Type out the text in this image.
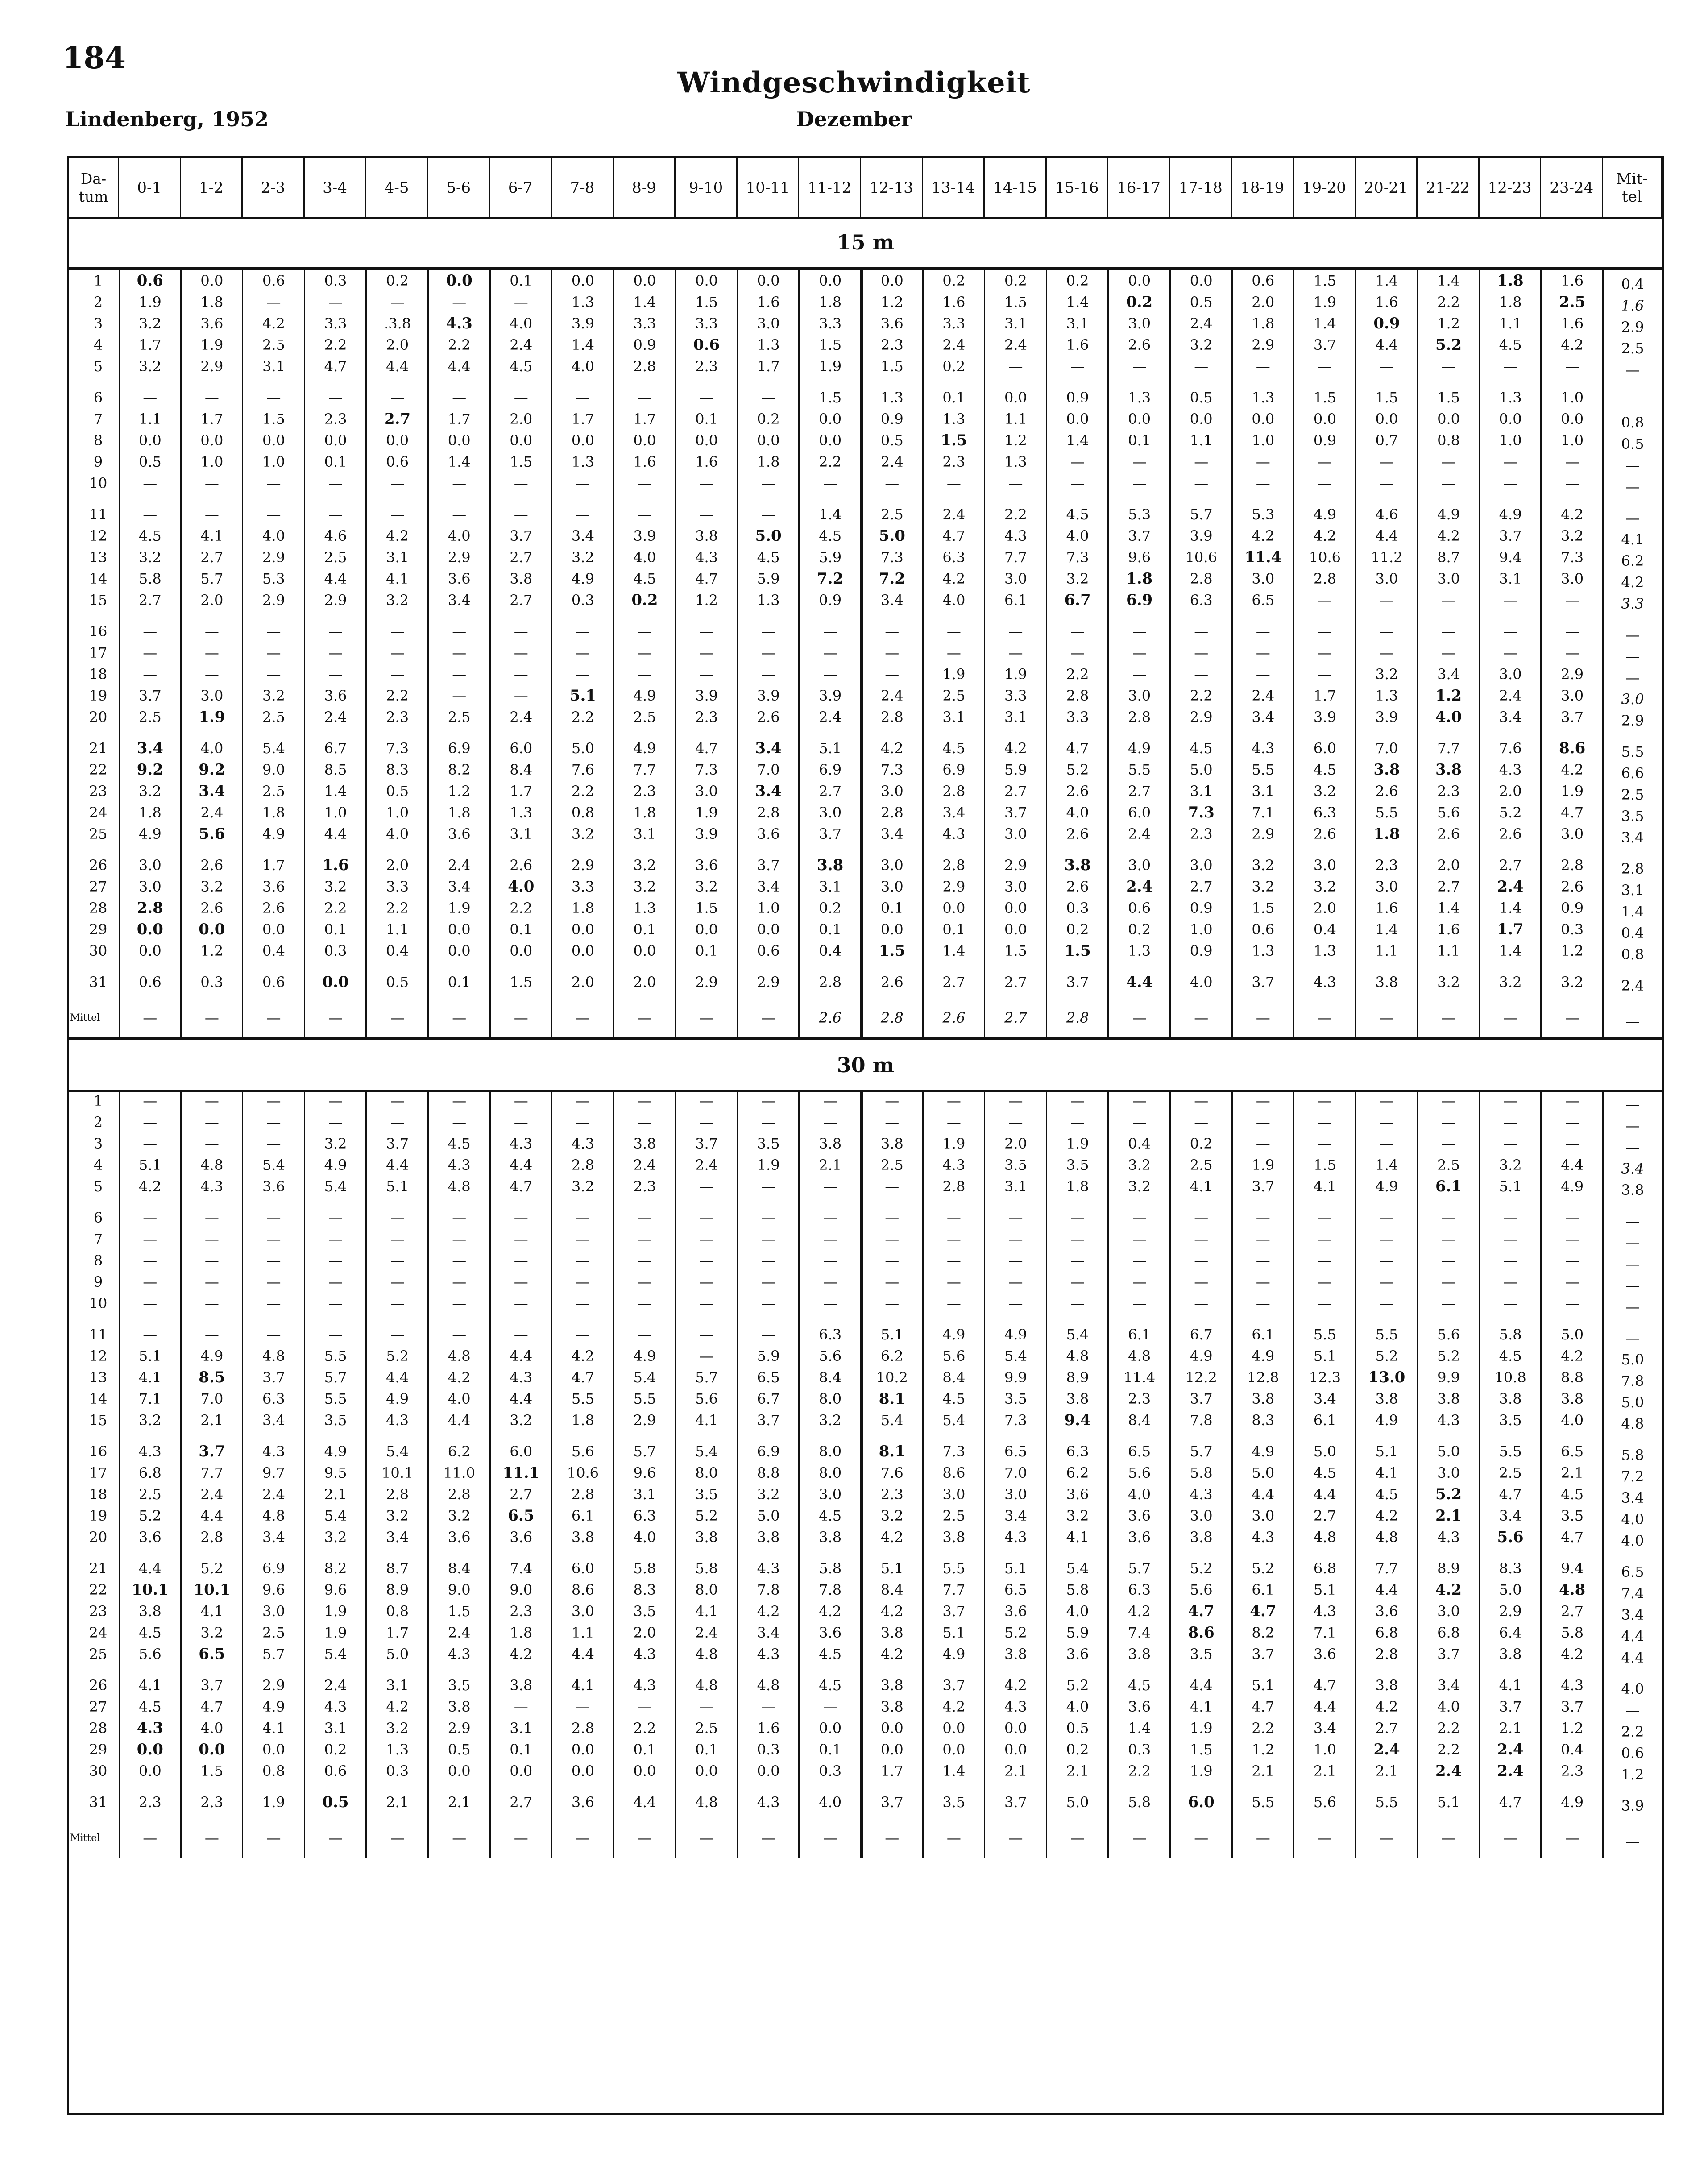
184
Windgeschwindigkeit
Lindenberg, 1952	Dezember
Da-
tum	0-1	1-2	2-3	3-4	4-5	5-6	6-7	7-8	8-9	9-10	10-11	11-12	12-13	13-14	14-15	15-16	16-17	17-18	18-19	19-20	20-21	21-22	12-23	23-24	Mit-
tel
15 m
1	0.6	0.0	0.6	0.3	0.2	0.0	0.1	0.0	0.0	0.0	0.0	0.0	0.0	0.2	0.2	0.2	0.0	0.0	0.6	1.5	1.4	1.4	1.8	1.6	0.4
2	1.9	1.8	—	—	—	—	—	1.3	1.4	1.5	1.6	1.8	1.2	1.6	1.5	1.4	0.2	0.5	2.0	1.9	1.6	2.2	1.8	2.5	1.6
3	3.2	3.6	4.2	3.3	.3.8	4.3	4.0	3.9	3.3	3.3	3.0	3.3	3.6	3.3	3.1	3.1	3.0	2.4	1.8	1.4	0.9	1.2	1.1	1.6	2.9
4	1.7	1.9	2.5	2.2	2.0	2.2	2.4	1.4	0.9	0.6	1.3	1.5	2.3	2.4	2.4	1.6	2.6	3.2	2.9	3.7	4.4	5.2	4.5	4.2	2.5
5	3.2	2.9	3.1	4.7	4.4	4.4	4.5	4.0	2.8	2.3	1.7	1.9	1.5	0.2	—	—	—	—	—	—	—	—	—	—	—
6	—	—	—	—	—	—	—	—	—	—	—	1.5	1.3	0.1	0.0	0.9	1.3	0.5	1.3	1.5	1.5	1.5	1.3	1.0
7	1.1	1.7	1.5	2.3	2.7	1.7	2.0	1.7	1.7	0.1	0.2	0.0	0.9	1.3	1.1	0.0	0.0	0.0	0.0	0.0	0.0	0.0	0.0	0.0	0.8
8	0.0	0.0	0.0	0.0	0.0	0.0	0.0	0.0	0.0	0.0	0.0	0.0	0.5	1.5	1.2	1.4	0.1	1.1	1.0	0.9	0.7	0.8	1.0	1.0	0.5
9	0.5	1.0	1.0	0.1	0.6	1.4	1.5	1.3	1.6	1.6	1.8	2.2	2.4	2.3	1.3	—	—	—	—	—	—	—	—	—	—
10	—	—	—	—	—	—	—	—	—	—	—	—	—	—	—	—	—	—	—	—	—	—	—	—	—
11	—	—	—	—	—	—	—	—	—	—	—	1.4	2.5	2.4	2.2	4.5	5.3	5.7	5.3	4.9	4.6	4.9	4.9	4.2	—
12	4.5	4.1	4.0	4.6	4.2	4.0	3.7	3.4	3.9	3.8	5.0	4.5	5.0	4.7	4.3	4.0	3.7	3.9	4.2	4.2	4.4	4.2	3.7	3.2	4.1
13	3.2	2.7	2.9	2.5	3.1	2.9	2.7	3.2	4.0	4.3	4.5	5.9	7.3	6.3	7.7	7.3	9.6	10.6	11.4	10.6	11.2	8.7	9.4	7.3	6.2
14	5.8	5.7	5.3	4.4	4.1	3.6	3.8	4.9	4.5	4.7	5.9	7.2	7.2	4.2	3.0	3.2	1.8	2.8	3.0	2.8	3.0	3.0	3.1	3.0	4.2
15	2.7	2.0	2.9	2.9	3.2	3.4	2.7	0.3	0.2	1.2	1.3	0.9	3.4	4.0	6.1	6.7	6.9	6.3	6.5	—	—	—	—	—	3.3
16	—	—	—	—	—	—	—	—	—	—	—	—	—	—	—	—	—	—	—	—	—	—	—	—	—
17	—	—	—	—	—	—	—	—	—	—	—	—	—	—	—	—	—	—	—	—	—	—	—	—	—
18	—	—	—	—	—	—	—	—	—	—	—	—	—	1.9	1.9	2.2	—	—	—	—	3.2	3.4	3.0	2.9	—
19	3.7	3.0	3.2	3.6	2.2	—	—	5.1	4.9	3.9	3.9	3.9	2.4	2.5	3.3	2.8	3.0	2.2	2.4	1.7	1.3	1.2	2.4	3.0	3.0
20	2.5	1.9	2.5	2.4	2.3	2.5	2.4	2.2	2.5	2.3	2.6	2.4	2.8	3.1	3.1	3.3	2.8	2.9	3.4	3.9	3.9	4.0	3.4	3.7	2.9
21	3.4	4.0	5.4	6.7	7.3	6.9	6.0	5.0	4.9	4.7	3.4	5.1	4.2	4.5	4.2	4.7	4.9	4.5	4.3	6.0	7.0	7.7	7.6	8.6	5.5
22	9.2	9.2	9.0	8.5	8.3	8.2	8.4	7.6	7.7	7.3	7.0	6.9	7.3	6.9	5.9	5.2	5.5	5.0	5.5	4.5	3.8	3.8	4.3	4.2	6.6
23	3.2	3.4	2.5	1.4	0.5	1.2	1.7	2.2	2.3	3.0	3.4	2.7	3.0	2.8	2.7	2.6	2.7	3.1	3.1	3.2	2.6	2.3	2.0	1.9	2.5
24	1.8	2.4	1.8	1.0	1.0	1.8	1.3	0.8	1.8	1.9	2.8	3.0	2.8	3.4	3.7	4.0	6.0	7.3	7.1	6.3	5.5	5.6	5.2	4.7	3.5
25	4.9	5.6	4.9	4.4	4.0	3.6	3.1	3.2	3.1	3.9	3.6	3.7	3.4	4.3	3.0	2.6	2.4	2.3	2.9	2.6	1.8	2.6	2.6	3.0	3.4
26	3.0	2.6	1.7	1.6	2.0	2.4	2.6	2.9	3.2	3.6	3.7	3.8	3.0	2.8	2.9	3.8	3.0	3.0	3.2	3.0	2.3	2.0	2.7	2.8	2.8
27	3.0	3.2	3.6	3.2	3.3	3.4	4.0	3.3	3.2	3.2	3.4	3.1	3.0	2.9	3.0	2.6	2.4	2.7	3.2	3.2	3.0	2.7	2.4	2.6	3.1
28	2.8	2.6	2.6	2.2	2.2	1.9	2.2	1.8	1.3	1.5	1.0	0.2	0.1	0.0	0.0	0.3	0.6	0.9	1.5	2.0	1.6	1.4	1.4	0.9	1.4
29	0.0	0.0	0.0	0.1	1.1	0.0	0.1	0.0	0.1	0.0	0.0	0.1	0.0	0.1	0.0	0.2	0.2	1.0	0.6	0.4	1.4	1.6	1.7	0.3	0.4
30	0.0	1.2	0.4	0.3	0.4	0.0	0.0	0.0	0.0	0.1	0.6	0.4	1.5	1.4	1.5	1.5	1.3	0.9	1.3	1.3	1.1	1.1	1.4	1.2	0.8
31	0.6	0.3	0.6	0.0	0.5	0.1	1.5	2.0	2.0	2.9	2.9	2.8	2.6	2.7	2.7	3.7	4.4	4.0	3.7	4.3	3.8	3.2	3.2	3.2	2.4
Mittel	—	—	—	—	—	—	—	—	—	—	—	2.6	2.8	2.6	2.7	2.8	—	—	—	—	—	—	—	—	—
30 m
1	—	—	—	—	—	—	—	—	—	—	—	—	—	—	—	—	—	—	—	—	—	—	—	—	—
2	—	—	—	—	—	—	—	—	—	—	—	—	—	—	—	—	—	—	—	—	—	—	—	—	—
3	—	—	—	3.2	3.7	4.5	4.3	4.3	3.8	3.7	3.5	3.8	3.8	1.9	2.0	1.9	0.4	0.2	—	—	—	—	—	—	—
4	5.1	4.8	5.4	4.9	4.4	4.3	4.4	2.8	2.4	2.4	1.9	2.1	2.5	4.3	3.5	3.5	3.2	2.5	1.9	1.5	1.4	2.5	3.2	4.4	3.4
5	4.2	4.3	3.6	5.4	5.1	4.8	4.7	3.2	2.3	—	—	—	—	2.8	3.1	1.8	3.2	4.1	3.7	4.1	4.9	6.1	5.1	4.9	3.8
6	—	—	—	—	—	—	—	—	—	—	—	—	—	—	—	—	—	—	—	—	—	—	—	—	—
7	—	—	—	—	—	—	—	—	—	—	—	—	—	—	—	—	—	—	—	—	—	—	—	—	—
8	—	—	—	—	—	—	—	—	—	—	—	—	—	—	—	—	—	—	—	—	—	—	—	—	—
9	—	—	—	—	—	—	—	—	—	—	—	—	—	—	—	—	—	—	—	—	—	—	—	—	—
10	—	—	—	—	—	—	—	—	—	—	—	—	—	—	—	—	—	—	—	—	—	—	—	—	—
11	—	—	—	—	—	—	—	—	—	—	—	6.3	5.1	4.9	4.9	5.4	6.1	6.7	6.1	5.5	5.5	5.6	5.8	5.0	—
12	5.1	4.9	4.8	5.5	5.2	4.8	4.4	4.2	4.9	—	5.9	5.6	6.2	5.6	5.4	4.8	4.8	4.9	4.9	5.1	5.2	5.2	4.5	4.2	5.0
13	4.1	8.5	3.7	5.7	4.4	4.2	4.3	4.7	5.4	5.7	6.5	8.4	10.2	8.4	9.9	8.9	11.4	12.2	12.8	12.3	13.0	9.9	10.8	8.8	7.8
14	7.1	7.0	6.3	5.5	4.9	4.0	4.4	5.5	5.5	5.6	6.7	8.0	8.1	4.5	3.5	3.8	2.3	3.7	3.8	3.4	3.8	3.8	3.8	3.8	5.0
15	3.2	2.1	3.4	3.5	4.3	4.4	3.2	1.8	2.9	4.1	3.7	3.2	5.4	5.4	7.3	9.4	8.4	7.8	8.3	6.1	4.9	4.3	3.5	4.0	4.8
16	4.3	3.7	4.3	4.9	5.4	6.2	6.0	5.6	5.7	5.4	6.9	8.0	8.1	7.3	6.5	6.3	6.5	5.7	4.9	5.0	5.1	5.0	5.5	6.5	5.8
17	6.8	7.7	9.7	9.5	10.1	11.0	11.1	10.6	9.6	8.0	8.8	8.0	7.6	8.6	7.0	6.2	5.6	5.8	5.0	4.5	4.1	3.0	2.5	2.1	7.2
18	2.5	2.4	2.4	2.1	2.8	2.8	2.7	2.8	3.1	3.5	3.2	3.0	2.3	3.0	3.0	3.6	4.0	4.3	4.4	4.4	4.5	5.2	4.7	4.5	3.4
19	5.2	4.4	4.8	5.4	3.2	3.2	6.5	6.1	6.3	5.2	5.0	4.5	3.2	2.5	3.4	3.2	3.6	3.0	3.0	2.7	4.2	2.1	3.4	3.5	4.0
20	3.6	2.8	3.4	3.2	3.4	3.6	3.6	3.8	4.0	3.8	3.8	3.8	4.2	3.8	4.3	4.1	3.6	3.8	4.3	4.8	4.8	4.3	5.6	4.7	4.0
21	4.4	5.2	6.9	8.2	8.7	8.4	7.4	6.0	5.8	5.8	4.3	5.8	5.1	5.5	5.1	5.4	5.7	5.2	5.2	6.8	7.7	8.9	8.3	9.4	6.5
22	10.1	10.1	9.6	9.6	8.9	9.0	9.0	8.6	8.3	8.0	7.8	7.8	8.4	7.7	6.5	5.8	6.3	5.6	6.1	5.1	4.4	4.2	5.0	4.8	7.4
23	3.8	4.1	3.0	1.9	0.8	1.5	2.3	3.0	3.5	4.1	4.2	4.2	4.2	3.7	3.6	4.0	4.2	4.7	4.7	4.3	3.6	3.0	2.9	2.7	3.4
24	4.5	3.2	2.5	1.9	1.7	2.4	1.8	1.1	2.0	2.4	3.4	3.6	3.8	5.1	5.2	5.9	7.4	8.6	8.2	7.1	6.8	6.8	6.4	5.8	4.4
25	5.6	6.5	5.7	5.4	5.0	4.3	4.2	4.4	4.3	4.8	4.3	4.5	4.2	4.9	3.8	3.6	3.8	3.5	3.7	3.6	2.8	3.7	3.8	4.2	4.4
26	4.1	3.7	2.9	2.4	3.1	3.5	3.8	4.1	4.3	4.8	4.8	4.5	3.8	3.7	4.2	5.2	4.5	4.4	5.1	4.7	3.8	3.4	4.1	4.3	4.0
27	4.5	4.7	4.9	4.3	4.2	3.8	—	—	—	—	—	—	3.8	4.2	4.3	4.0	3.6	4.1	4.7	4.4	4.2	4.0	3.7	3.7	—
28	4.3	4.0	4.1	3.1	3.2	2.9	3.1	2.8	2.2	2.5	1.6	0.0	0.0	0.0	0.0	0.5	1.4	1.9	2.2	3.4	2.7	2.2	2.1	1.2	2.2
29	0.0	0.0	0.0	0.2	1.3	0.5	0.1	0.0	0.1	0.1	0.3	0.1	0.0	0.0	0.0	0.2	0.3	1.5	1.2	1.0	2.4	2.2	2.4	0.4	0.6
30	0.0	1.5	0.8	0.6	0.3	0.0	0.0	0.0	0.0	0.0	0.0	0.3	1.7	1.4	2.1	2.1	2.2	1.9	2.1	2.1	2.1	2.4	2.4	2.3	1.2
31	2.3	2.3	1.9	0.5	2.1	2.1	2.7	3.6	4.4	4.8	4.3	4.0	3.7	3.5	3.7	5.0	5.8	6.0	5.5	5.6	5.5	5.1	4.7	4.9	3.9
Mittel	—	—	—	—	—	—	—	—	—	—	—	—	—	—	—	—	—	—	—	—	—	—	—	—	—
